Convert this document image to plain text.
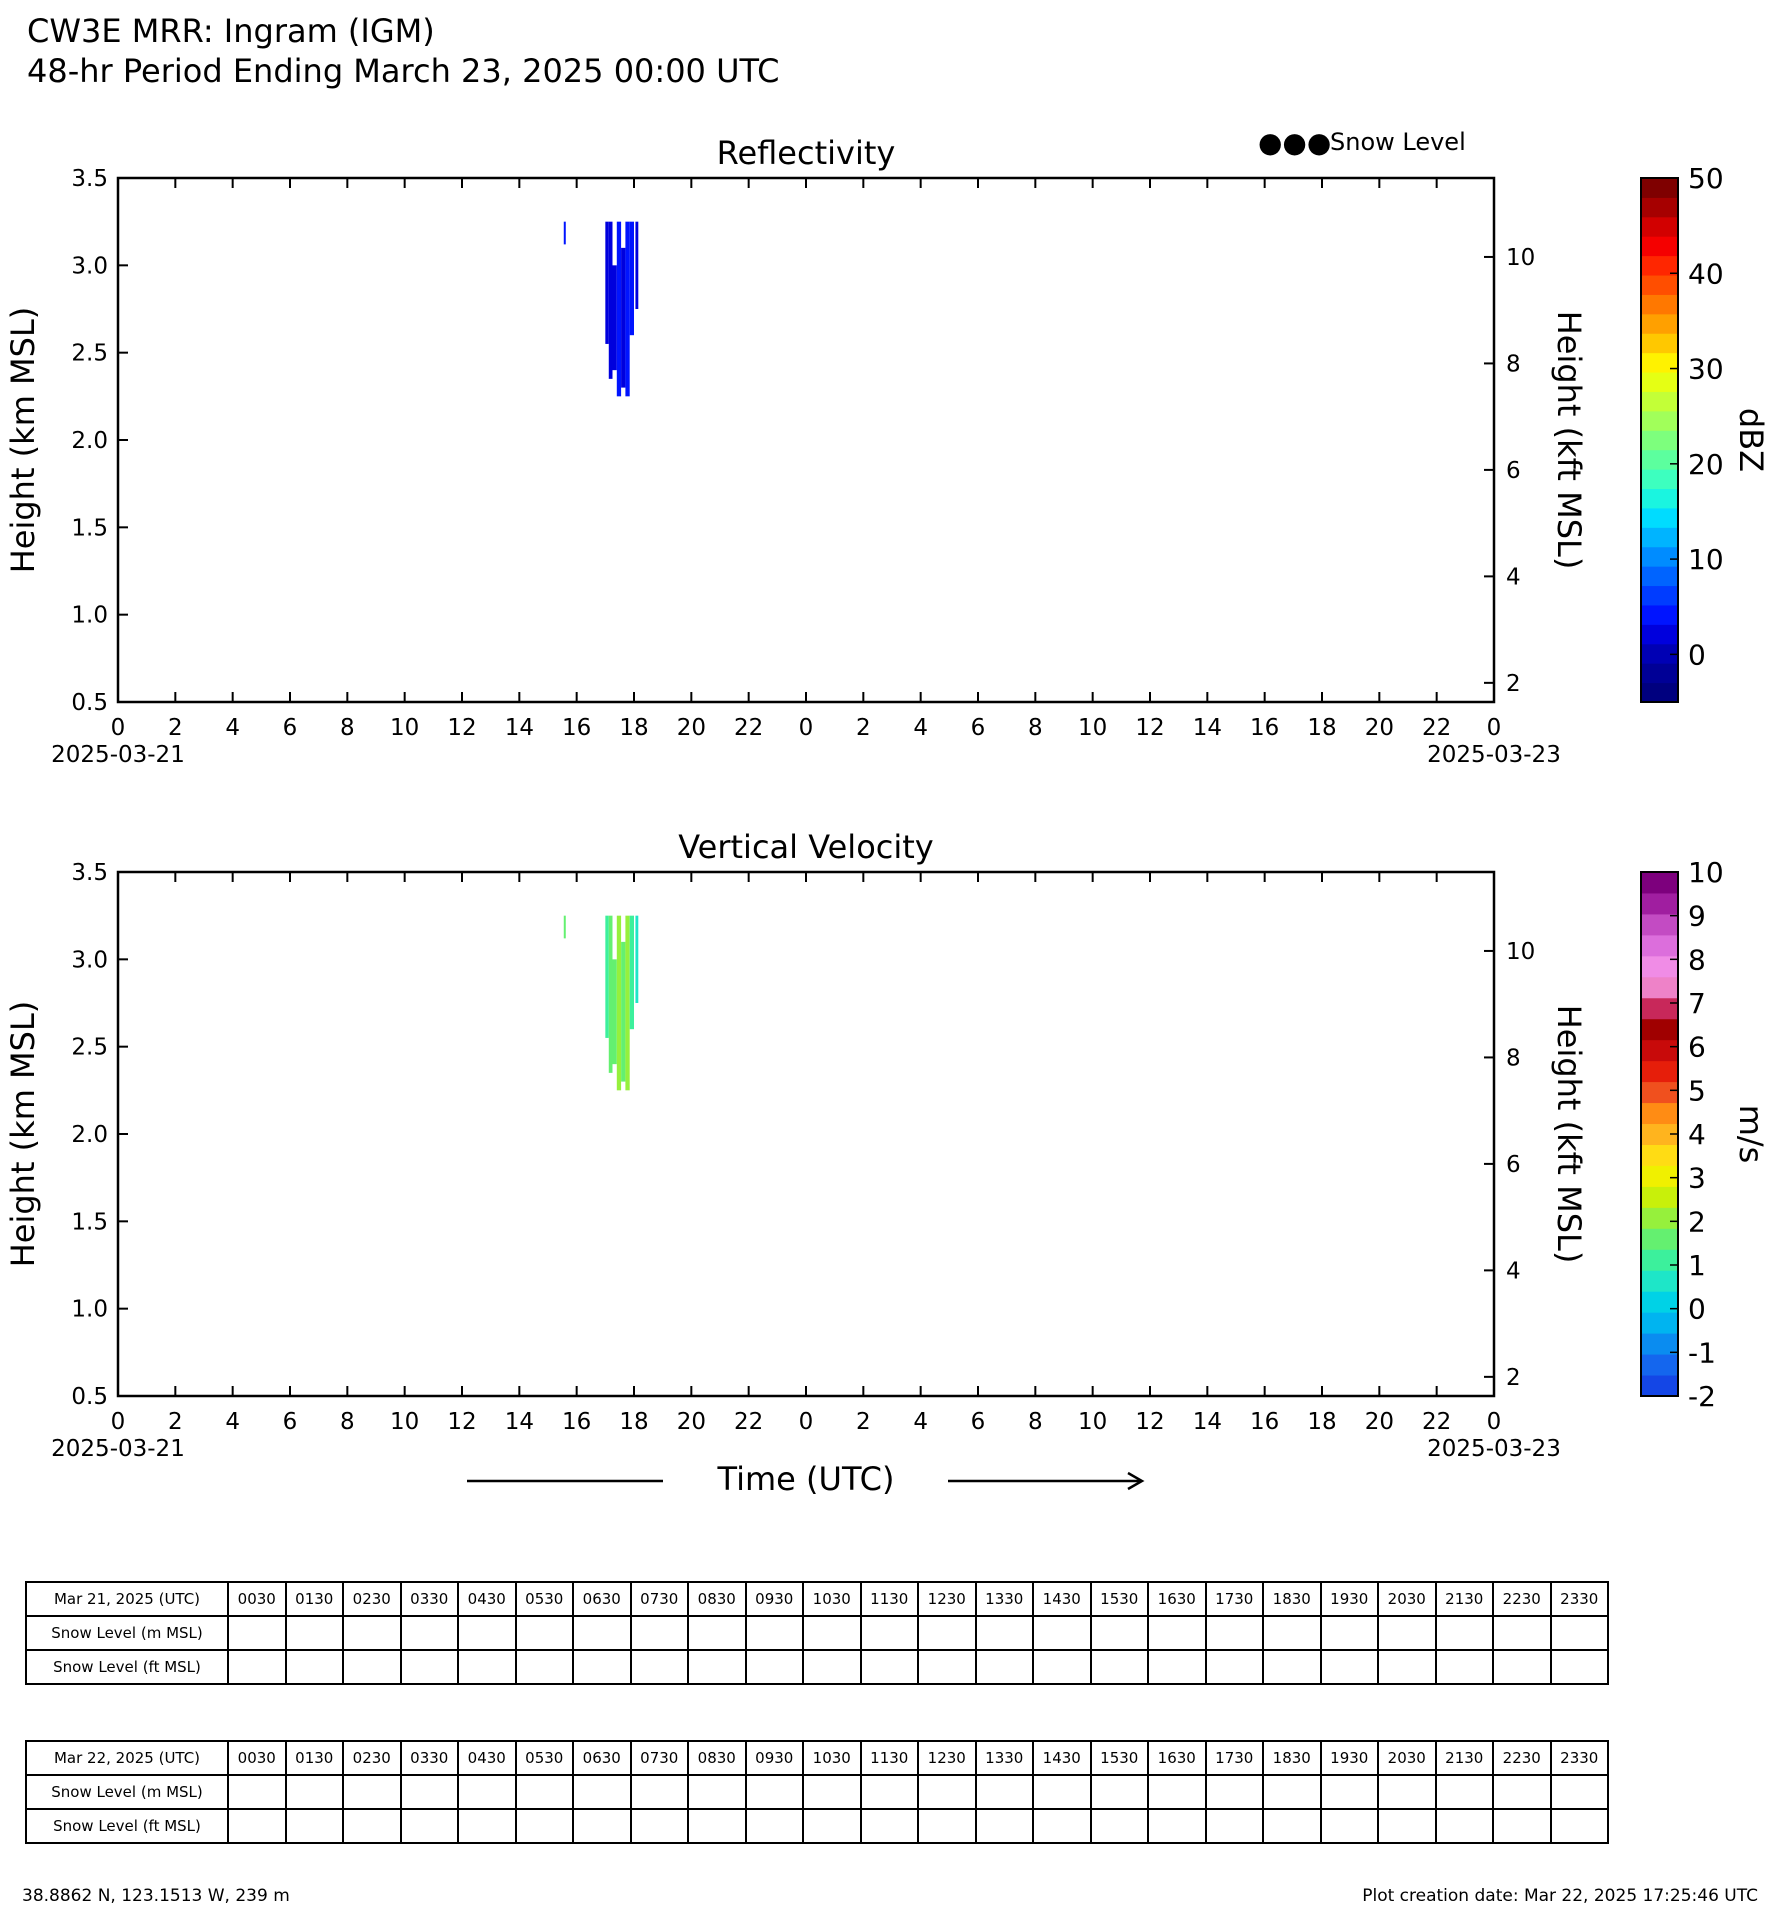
CW3E MRR: Ingram (IGM)
48-hr Period Ending March 23, 2025 00:00 UTC
Reflectivity
0.5
1.0
1.5
2.0
2.5
3.0
3.5
2
4
6
8
10
0 2 4 6 8 10 12 14 16 18 20 22 0 2 4 6 8 10 12 14 16 18 20 22 0
2025-03-21	2025-03-23
Height (km MSL)	Height (kft MSL)
0
10
20
30
40
50
dBZ
Vertical Velocity
0.5
1.0
1.5
2.0
2.5
3.0
3.5
2
4
6
8
10
0 2 4 6 8 10 12 14 16 18 20 22 0 2 4 6 8 10 12 14 16 18 20 22 0
2025-03-21	2025-03-23
Height (km MSL)	Height (kft MSL)
-2
-1
0
1
2
3
4
5
6
7
8
9
10
m/s
●●●
Snow Level
Time (UTC)
Mar 21, 2025 (UTC)	0030	0130	0230	0330	0430	0530	0630	0730	0830	0930	1030	1130	1230	1330	1430	1530	1630	1730	1830	1930	2030	2130	2230	2330
Snow Level (m MSL)																								
Snow Level (ft MSL)																								
Mar 22, 2025 (UTC)	0030	0130	0230	0330	0430	0530	0630	0730	0830	0930	1030	1130	1230	1330	1430	1530	1630	1730	1830	1930	2030	2130	2230	2330
Snow Level (m MSL)																								
Snow Level (ft MSL)																								
38.8862 N, 123.1513 W, 239 m	Plot creation date: Mar 22, 2025 17:25:46 UTC
